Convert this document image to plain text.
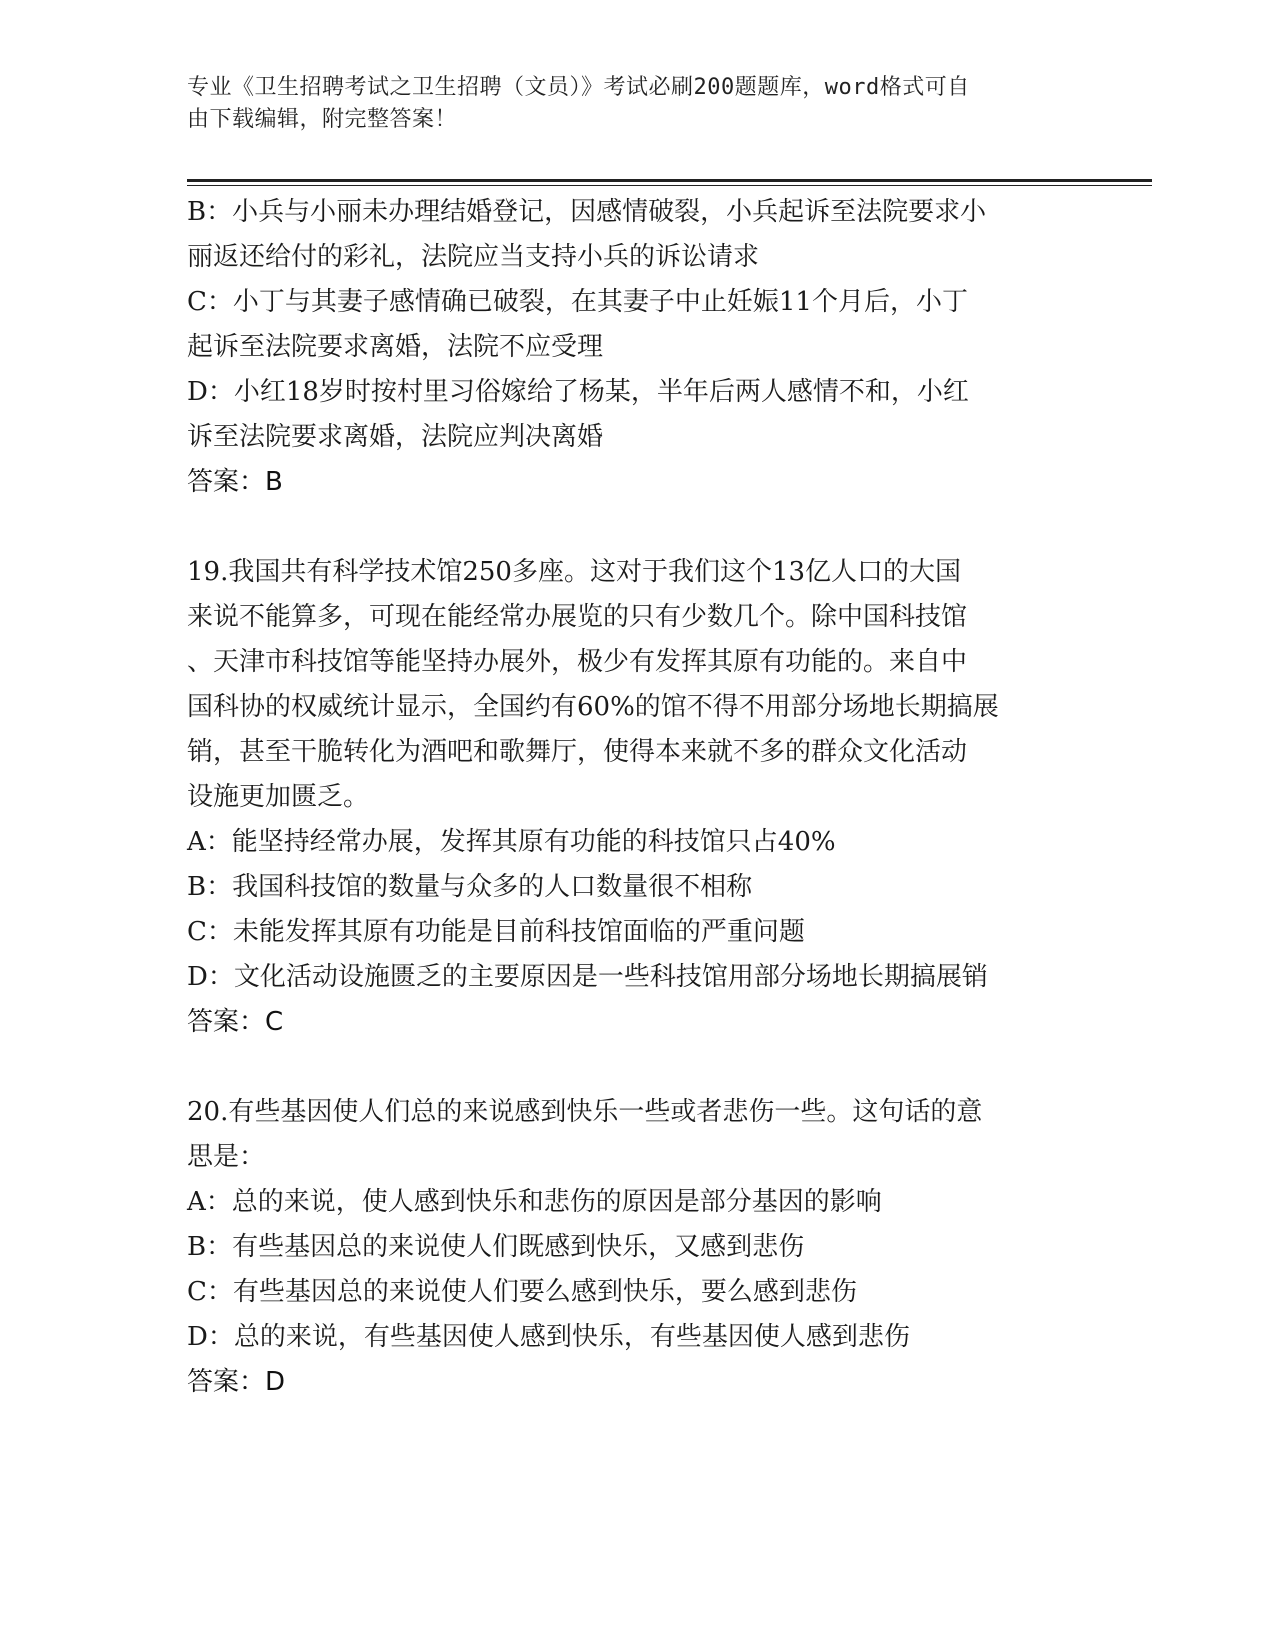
专业《卫生招聘考试之卫生招聘（文员）》考试必刷200题题库，word格式可自
由下载编辑，附完整答案！

B：小兵与小丽未办理结婚登记，因感情破裂，小兵起诉至法院要求小

丽返还给付的彩礼，法院应当支持小兵的诉讼请求

C：小丁与其妻子感情确已破裂，在其妻子中止妊娠11个月后，小丁

起诉至法院要求离婚，法院不应受理

D：小红18岁时按村里习俗嫁给了杨某，半年后两人感情不和，小红

诉至法院要求离婚，法院应判决离婚

答案：B

19.我国共有科学技术馆250多座。这对于我们这个13亿人口的大国

来说不能算多，可现在能经常办展览的只有少数几个。除中国科技馆

、天津市科技馆等能坚持办展外，极少有发挥其原有功能的。来自中

国科协的权威统计显示，全国约有60%的馆不得不用部分场地长期搞展

销，甚至干脆转化为酒吧和歌舞厅，使得本来就不多的群众文化活动

设施更加匮乏。

A：能坚持经常办展，发挥其原有功能的科技馆只占40%

B：我国科技馆的数量与众多的人口数量很不相称

C：未能发挥其原有功能是目前科技馆面临的严重问题

D：文化活动设施匮乏的主要原因是一些科技馆用部分场地长期搞展销

答案：C

20.有些基因使人们总的来说感到快乐一些或者悲伤一些。这句话的意

思是：

A：总的来说，使人感到快乐和悲伤的原因是部分基因的影响

B：有些基因总的来说使人们既感到快乐，又感到悲伤

C：有些基因总的来说使人们要么感到快乐，要么感到悲伤

D：总的来说，有些基因使人感到快乐，有些基因使人感到悲伤

答案：D
